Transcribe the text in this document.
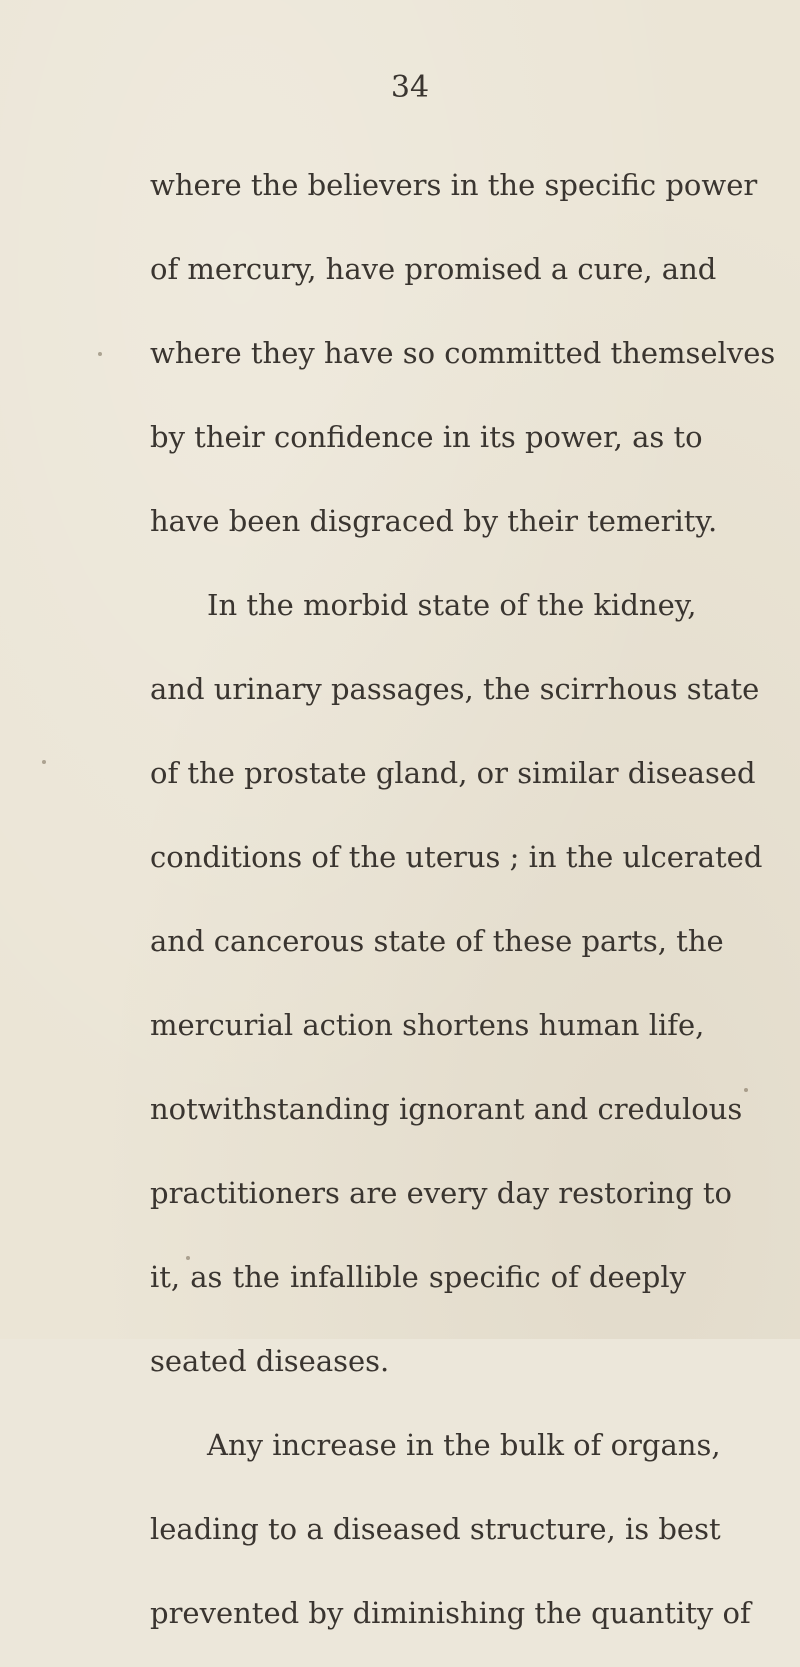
34
where the believers in the specific power
of mercury, have promised a cure, and
where they have so committed themselves
by their confidence in its power, as to
have been disgraced by their temerity.
In the morbid state of the kidney,
and urinary passages, the scirrhous state
of the prostate gland, or similar diseased
conditions of the uterus ; in the ulcerated
and cancerous state of these parts, the
mercurial action shortens human life,
notwithstanding ignorant and credulous
practitioners are every day restoring to
it, as the infallible specific of deeply
seated diseases.
Any increase in the bulk of organs,
leading to a diseased structure, is best
prevented by diminishing the quantity of
